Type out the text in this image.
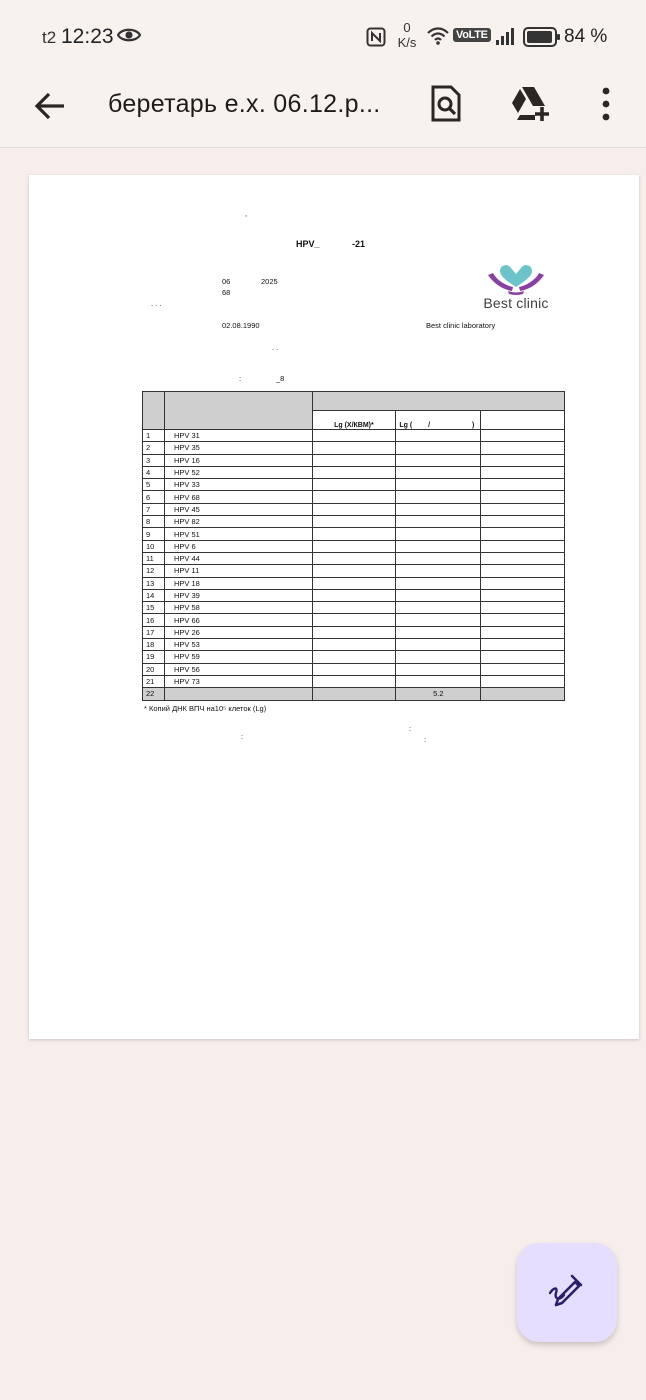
t2 12:23	0
K/s	VoLTE	84 %
беретарь е.х. 06.12.р...
,
HPV_	-21
06	2025
68
. . .
02.08.1990	Best clinic laboratory
. .
:	_8
Best clinic

		Lg (Х/КВМ)*	Lg ( / )	
1	HPV 31			
2	HPV 35			
3	HPV 16			
4	HPV 52			
5	HPV 33			
6	HPV 68			
7	HPV 45			
8	HPV 82			
9	HPV 51			
10	HPV 6			
11	HPV 44			
12	HPV 11			
13	HPV 18			
14	HPV 39			
15	HPV 58			
16	HPV 66			
17	HPV 26			
18	HPV 53			
19	HPV 59			
20	HPV 56			
21	HPV 73			
22			5.2	
* Копий ДНК ВПЧ на10⁵ клеток (Lg)
:
:	:
